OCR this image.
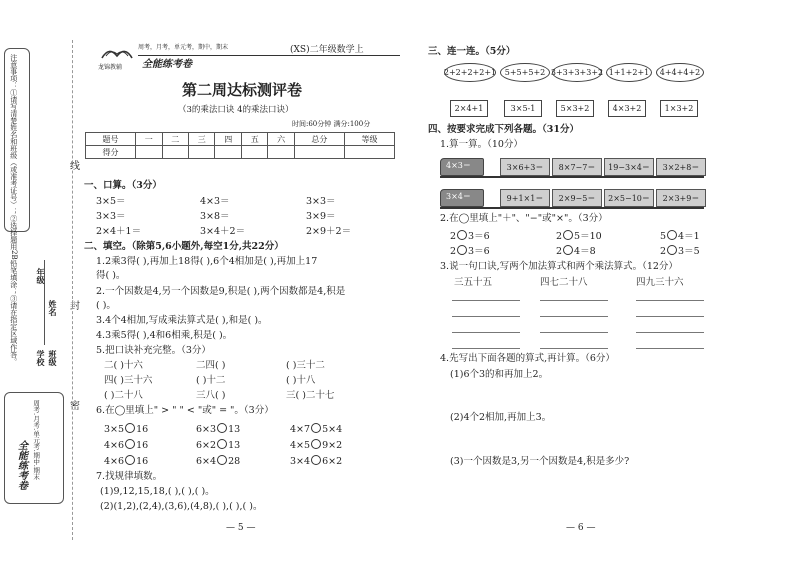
注意事项：①请写清楚姓名和班级（或准考证号）；②选择题用2B铅笔填涂；③请在指定区域作答。 学校 班级
年级
姓名
线
封
密
全能练考卷 周考.月考.单元考.期中.期末
龙锦教辅
周考，月考，单元考，期中，期末
全能练考卷
(XS)二年级数学上
第二周达标测评卷
（3的乘法口诀 4的乘法口诀）
时间:60分钟 满分:100分
题号	一	二	三	四	五	六	总分	等级
得分								
一、口算。（3分）
3×5＝	4×3＝	3×3＝
3×3＝	3×8＝	3×9＝
2×4＋1＝	3×4＋2＝	2×9＋2＝
二、填空。（除第5,6小题外,每空1分,共22分）
1.2乘3得( ),再加上18得( ),6个4相加是( ),再加上17
得( )。
2.一个因数是4,另一个因数是9,积是( ),两个因数都是4,积是
( )。
3.4个4相加,写成乘法算式是( ),和是( )。
4.3乘5得( ),4和6相乘,积是( )。
5.把口诀补充完整。（3分）
二( )十六	二四( )	( )三十二
四( )三十六	( )十二	( )十八
( )二十八	三八( )	三( )二十七
6.在◯里填上" > " " < "或" = "。（3分）
3×5 16	6×3 13	4×7 5×4
4×6 16	6×2 13	4×5 9×2
4×6 16	6×4 28	3×4 6×2
7.找规律填数。
(1)9,12,15,18,( ),( ),( )。
(2)(1,2),(2,4),(3,6),(4,8),( ),( ),( )。
— 5 —
三、连一连。（5分）
2+2+2+2+1	5+5+5+2 3+3+3+3+2 1+1+2+1	4+4+4+2
2×4+1	3×5-1	5×3+2	4×3+2	1×3+2
四、按要求完成下列各题。（31分）
1.算一算。（10分）
4×3＝	3×6+3＝	8×7−7＝	19−3×4＝	3×2+8＝
3×4＝	9+1×1＝	2×9−5＝	2×5−10＝	2×3+9＝
2.在◯里填上"＋"、"−"或"×"。（3分）
2 3＝6	2 5＝10	5 4＝1
2 3＝6	2 4＝8	2 3＝5
3.说一句口诀,写两个加法算式和两个乘法算式。（12分）
三五十五	四七二十八	四九三十六
4.先写出下面各题的算式,再计算。（6分）
(1)6个3的和再加上2。
(2)4个2相加,再加上3。
(3)一个因数是3,另一个因数是4,积是多少?
— 6 —
